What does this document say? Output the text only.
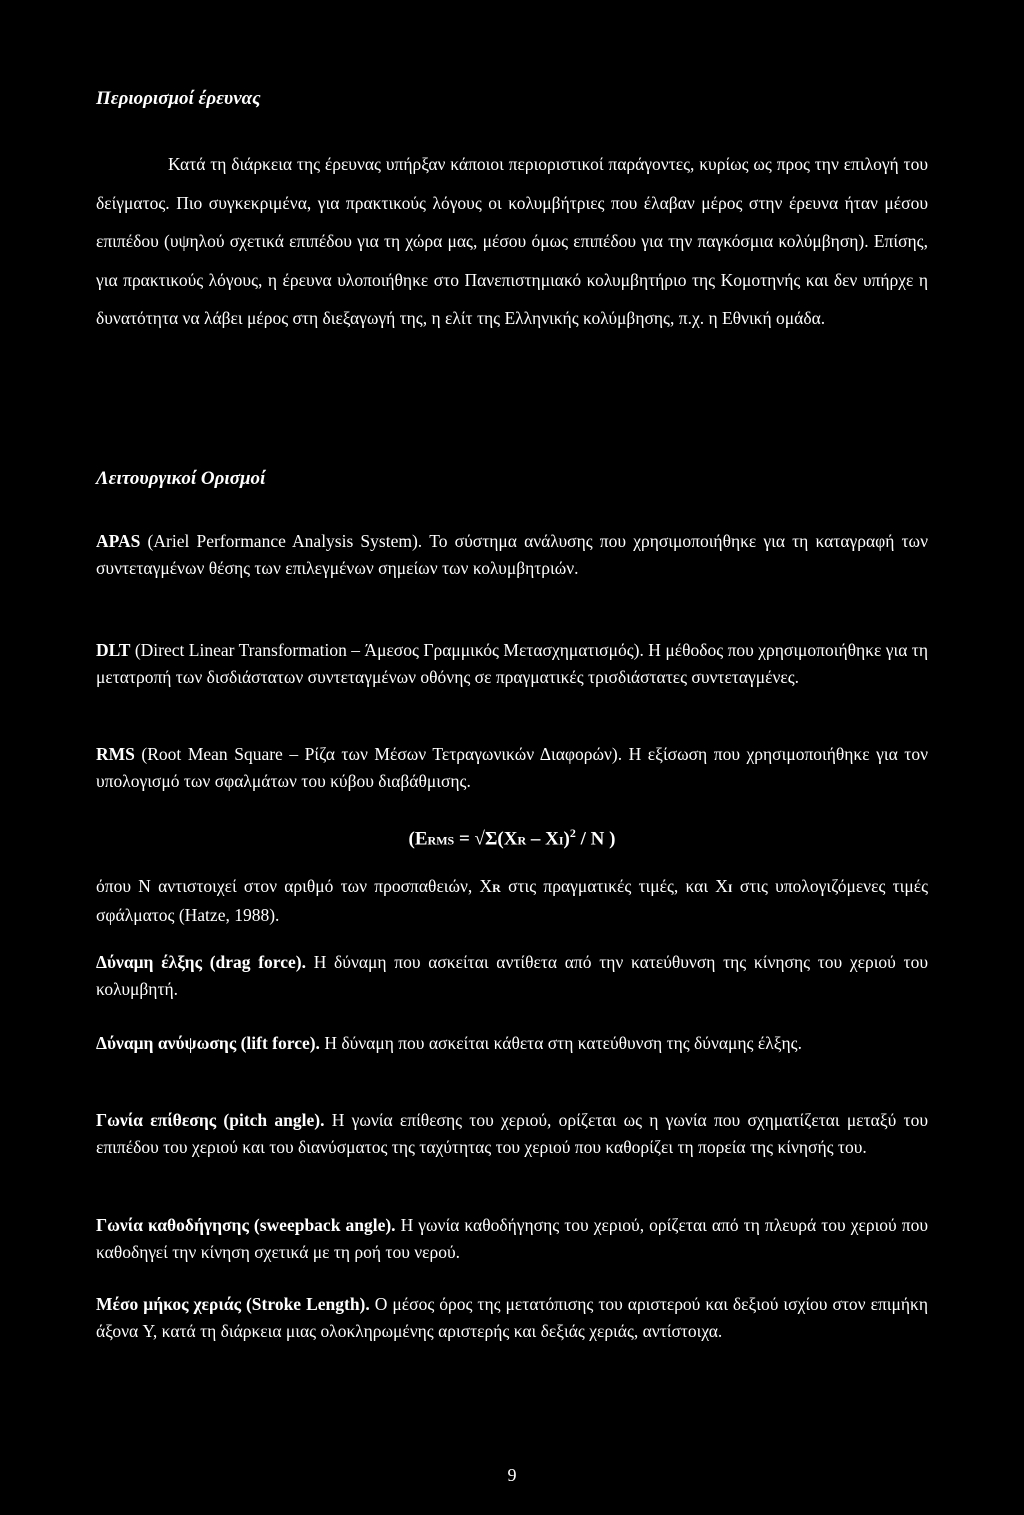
Περιορισμοί έρευνας

Κατά τη διάρκεια της έρευνας υπήρξαν κάποιοι περιοριστικοί παράγοντες, κυρίως ως προς την επιλογή του δείγματος. Πιο συγκεκριμένα, για πρακτικούς λόγους οι κολυμβήτριες που έλαβαν μέρος στην έρευνα ήταν μέσου επιπέδου (υψηλού σχετικά επιπέδου για τη χώρα μας, μέσου όμως επιπέδου για την παγκόσμια κολύμβηση). Επίσης, για πρακτικούς λόγους, η έρευνα υλοποιήθηκε στο Πανεπιστημιακό κολυμβητήριο της Κομοτηνής και δεν υπήρχε η δυνατότητα να λάβει μέρος στη διεξαγωγή της, η ελίτ της Ελληνικής κολύμβησης, π.χ. η Εθνική ομάδα.

Λειτουργικοί Ορισμοί

APAS (Ariel Performance Analysis System). Το σύστημα ανάλυσης που χρησιμοποιήθηκε για τη καταγραφή των συντεταγμένων θέσης των επιλεγμένων σημείων των κολυμβητριών.

DLT (Direct Linear Transformation – Άμεσος Γραμμικός Μετασχηματισμός). Η μέθοδος που χρησιμοποιήθηκε για τη μετατροπή των δισδιάστατων συντεταγμένων οθόνης σε πραγματικές τρισδιάστατες συντεταγμένες.

RMS (Root Mean Square – Ρίζα των Μέσων Τετραγωνικών Διαφορών). Η εξίσωση που χρησιμοποιήθηκε για τον υπολογισμό των σφαλμάτων του κύβου διαβάθμισης.

(ERMS = √Σ(XR – XI)$^2$ / N )

όπου Ν αντιστοιχεί στον αριθμό των προσπαθειών, XR στις πραγματικές τιμές, και XI στις υπολογιζόμενες τιμές σφάλματος (Hatze, 1988).

Δύναμη έλξης (drag force). Η δύναμη που ασκείται αντίθετα από την κατεύθυνση της κίνησης του χεριού του κολυμβητή.

Δύναμη ανύψωσης (lift force). Η δύναμη που ασκείται κάθετα στη κατεύθυνση της δύναμης έλξης.

Γωνία επίθεσης (pitch angle). Η γωνία επίθεσης του χεριού, ορίζεται ως η γωνία που σχηματίζεται μεταξύ του επιπέδου του χεριού και του διανύσματος της ταχύτητας του χεριού που καθορίζει τη πορεία της κίνησής του.

Γωνία καθοδήγησης (sweepback angle). Η γωνία καθοδήγησης του χεριού, ορίζεται από τη πλευρά του χεριού που καθοδηγεί την κίνηση σχετικά με τη ροή του νερού.

Μέσο μήκος χεριάς (Stroke Length). Ο μέσος όρος της μετατόπισης του αριστερού και δεξιού ισχίου στον επιμήκη άξονα Y, κατά τη διάρκεια μιας ολοκληρωμένης αριστερής και δεξιάς χεριάς, αντίστοιχα.

9
